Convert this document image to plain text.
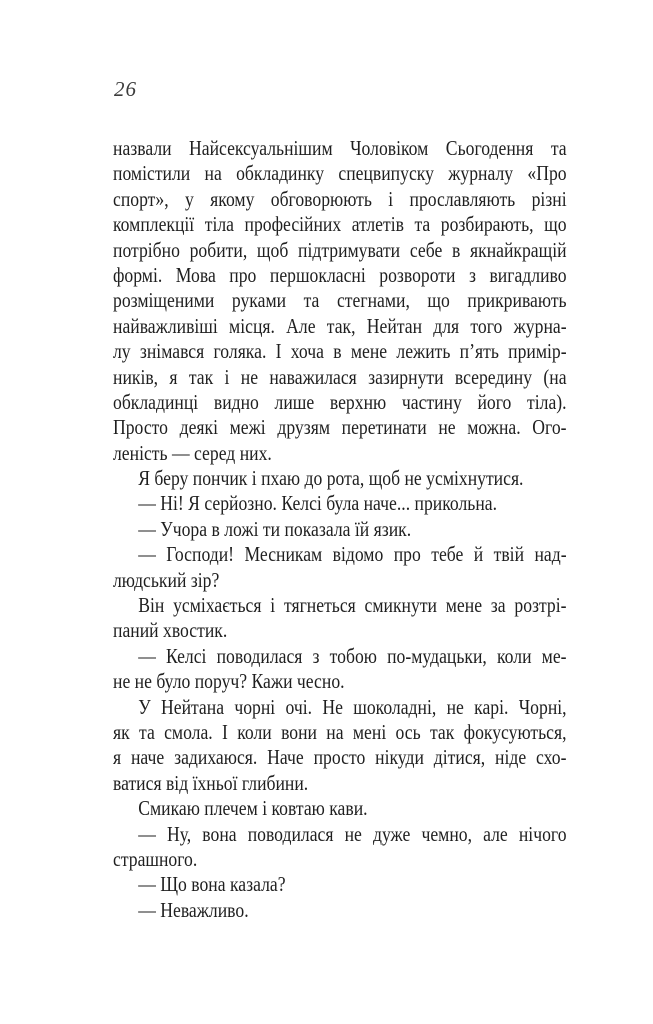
26
назвали Найсексуальнішим Чоловіком Сьогодення та
помістили на обкладинку спецвипуску журналу «Про
спорт», у якому обговорюють і прославляють різні
комплекції тіла професійних атлетів та розбирають, що
потрібно робити, щоб підтримувати себе в якнайкращій
формі. Мова про першокласні розвороти з вигадливо
розміщеними руками та стегнами, що прикривають
найважливіші місця. Але так, Нейтан для того журна-
лу знімався голяка. І хоча в мене лежить п’ять примір-
ників, я так і не наважилася зазирнути всередину (на
обкладинці видно лише верхню частину його тіла).
Просто деякі межі друзям перетинати не можна. Ого-
леність — серед них.
Я беру пончик і пхаю до рота, щоб не усміхнутися.
— Ні! Я серйозно. Келсі була наче... прикольна.
— Учора в ложі ти показала їй язик.
— Господи! Месникам відомо про тебе й твій над-
людський зір?
Він усміхається і тягнеться смикнути мене за розтрі-
паний хвостик.
— Келсі поводилася з тобою по-мудацьки, коли ме-
не не було поруч? Кажи чесно.
У Нейтана чорні очі. Не шоколадні, не карі. Чорні,
як та смола. І коли вони на мені ось так фокусуються,
я наче задихаюся. Наче просто нікуди дітися, ніде схо-
ватися від їхньої глибини.
Смикаю плечем і ковтаю кави.
— Ну, вона поводилася не дуже чемно, але нічого
страшного.
— Що вона казала?
— Неважливо.
